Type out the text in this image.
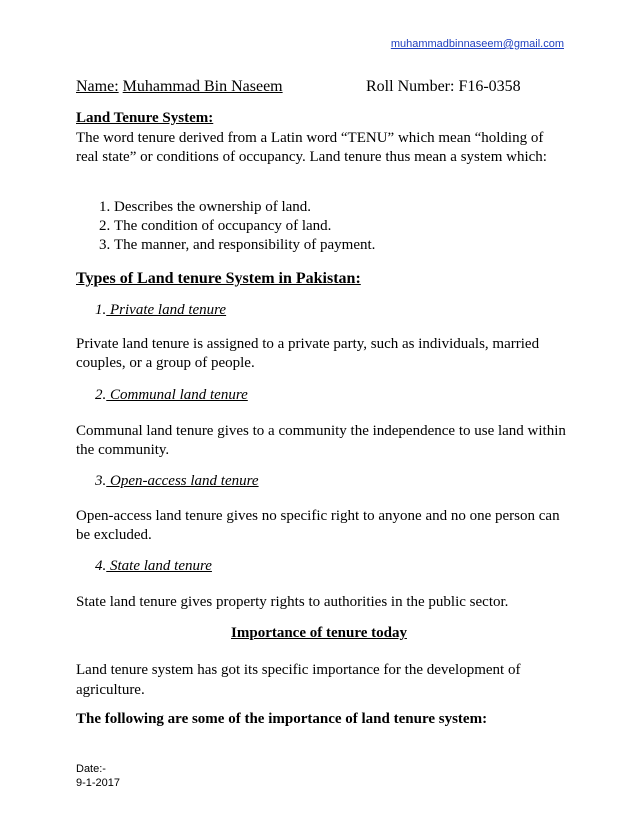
muhammadbinnaseem@gmail.com
Name: Muhammad Bin Naseem	Roll Number: F16-0358
Land Tenure System:
The word tenure derived from a Latin word “TENU” which mean “holding of real state” or conditions of occupancy. Land tenure thus mean a system which:
1. Describes the ownership of land.
2. The condition of occupancy of land.
3. The manner, and responsibility of payment.
Types of Land tenure System in Pakistan:
1. Private land tenure
Private land tenure is assigned to a private party, such as individuals, married couples, or a group of people.
2. Communal land tenure
Communal land tenure gives to a community the independence to use land within the community.
3. Open-access land tenure
Open-access land tenure gives no specific right to anyone and no one person can be excluded.
4. State land tenure
State land tenure gives property rights to authorities in the public sector.
Importance of tenure today
Land tenure system has got its specific importance for the development of agriculture.
The following are some of the importance of land tenure system:
Date:-
9-1-2017
